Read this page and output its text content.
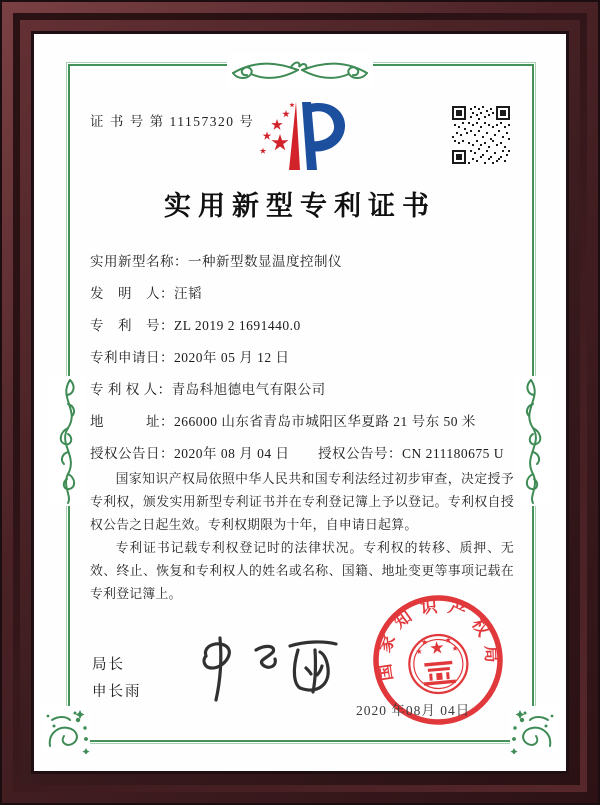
证 书 号 第 11157320 号
实用新型专利证书
实用新型名称：一种新型数显温度控制仪
发　明　人：汪韬
专　利　号：ZL 2019 2 1691440.0
专利申请日：2020年 05 月 12 日
专 利 权 人：青岛科旭德电气有限公司
地　　　址：266000 山东省青岛市城阳区华夏路 21 号东 50 米
授权公告日：2020年 08 月 04 日	授权公告号：CN 211180675 U

国家知识产权局依照中华人民共和国专利法经过初步审查，决定授予专利权，颁发实用新型专利证书并在专利登记簿上予以登记。专利权自授权公告之日起生效。专利权期限为十年，自申请日起算。

专利证书记载专利权登记时的法律状况。专利权的转移、质押、无效、终止、恢复和专利权人的姓名或名称、国籍、地址变更等事项记载在专利登记簿上。

局长
申长雨
国家知识产权局
2020 年08月 04日
